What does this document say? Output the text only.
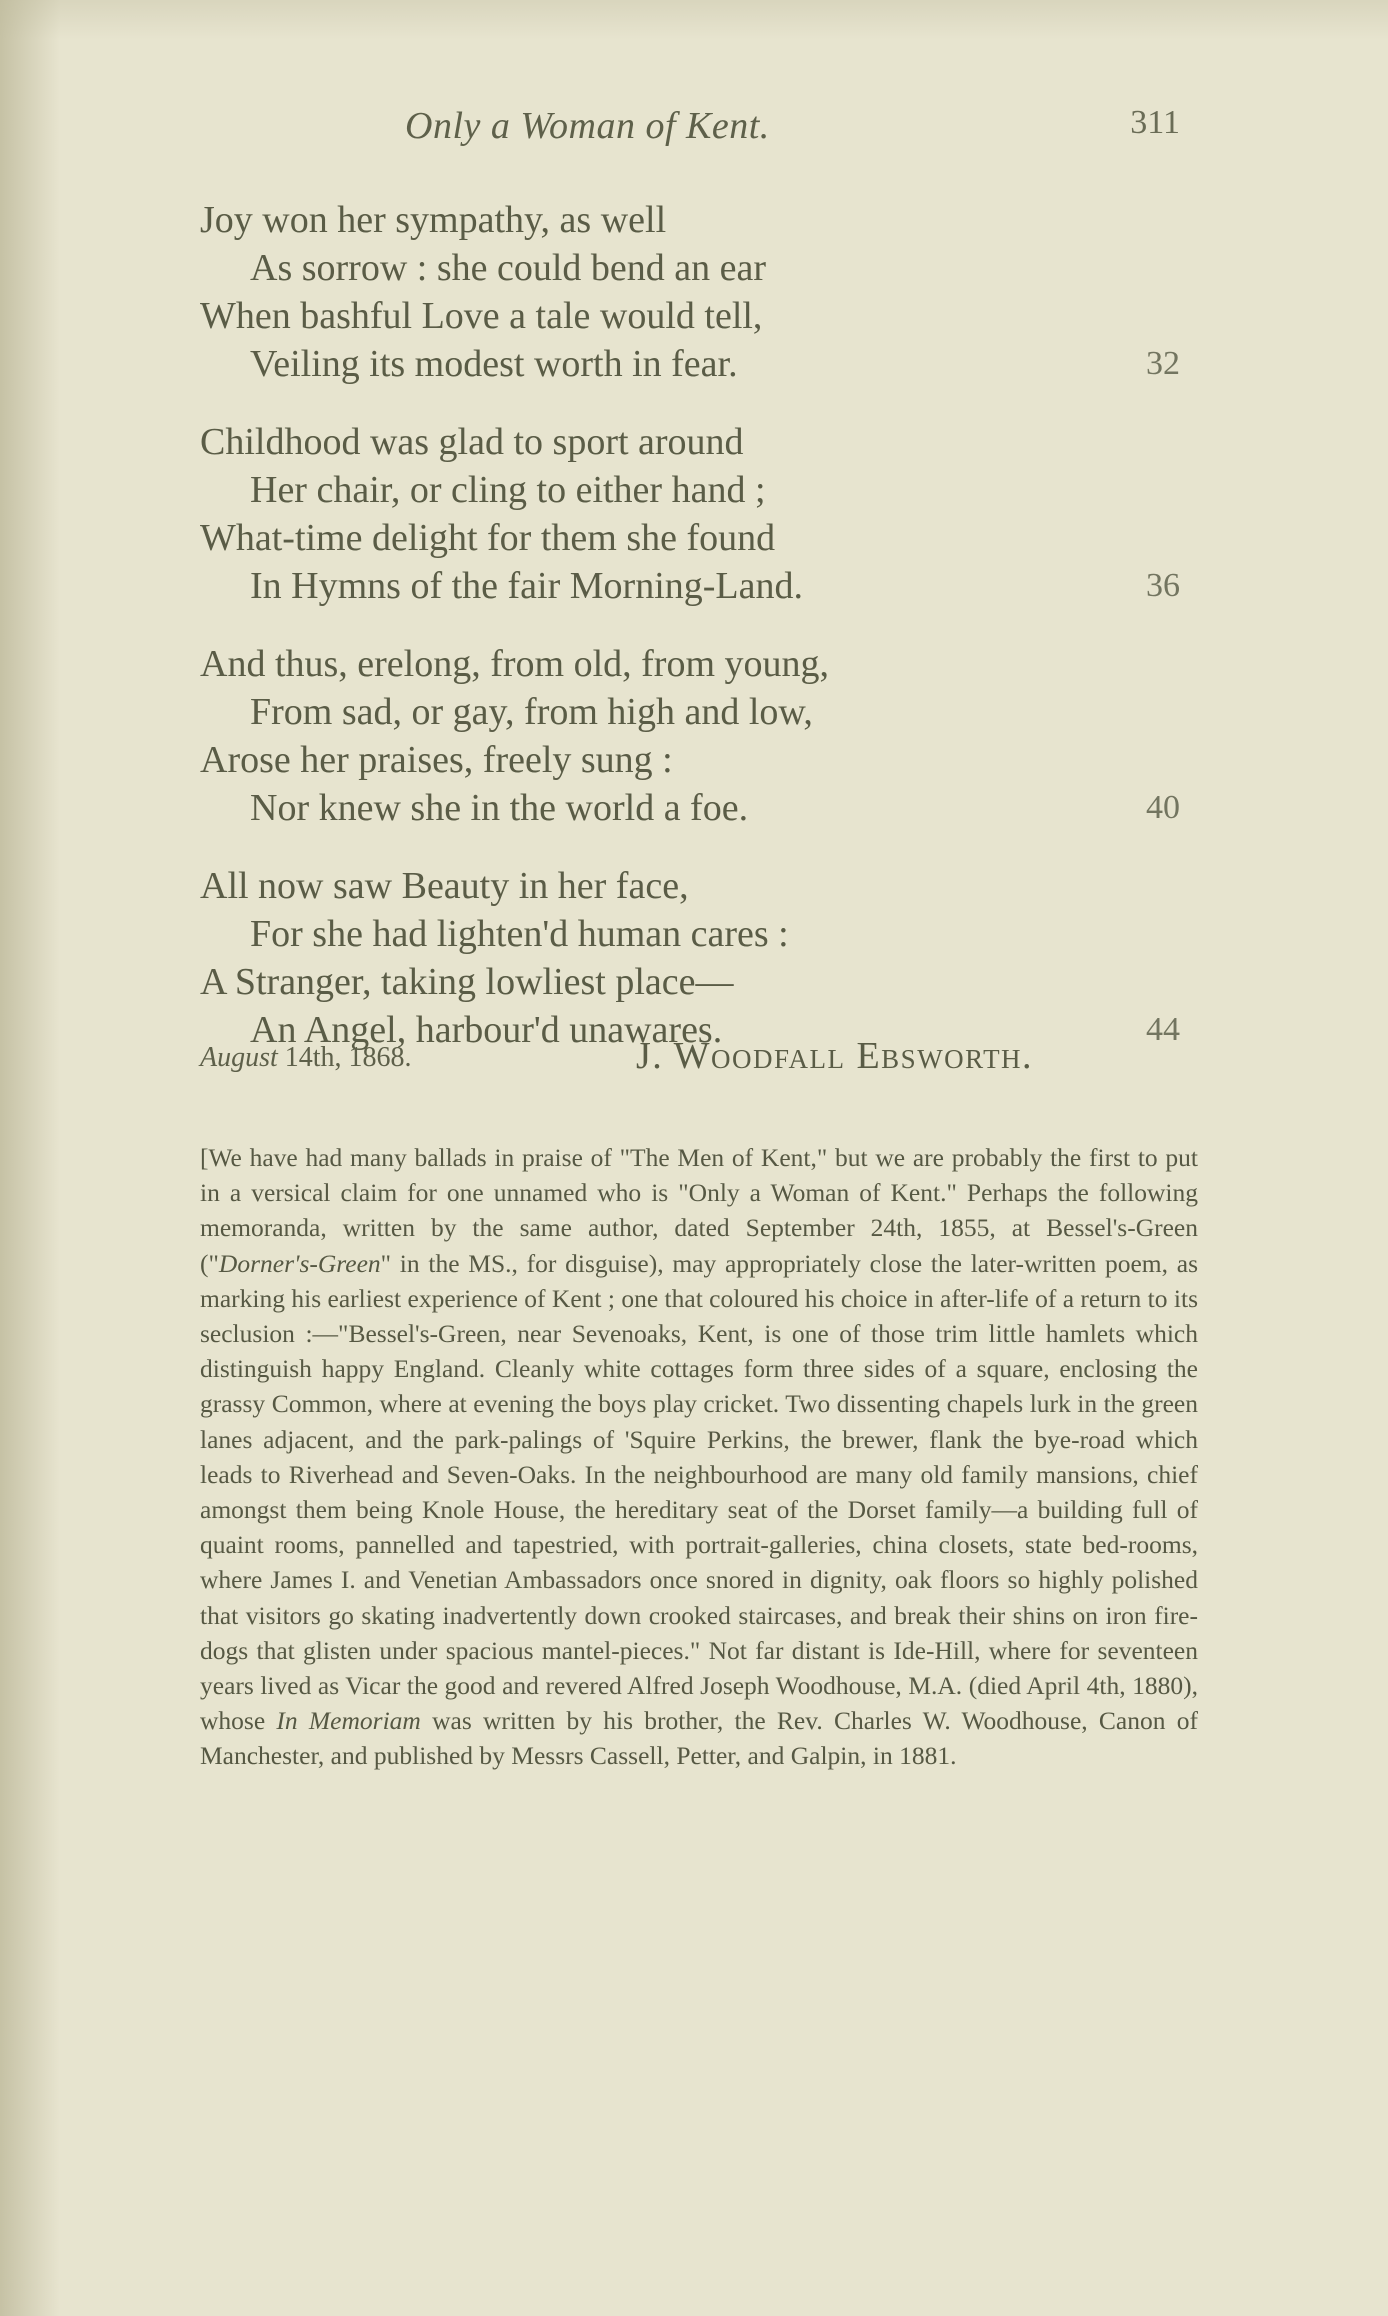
Only a Woman of Kent.	311
Joy won her sympathy, as well
As sorrow : she could bend an ear
When bashful Love a tale would tell,
Veiling its modest worth in fear.	32
Childhood was glad to sport around
Her chair, or cling to either hand ;
What-time delight for them she found
In Hymns of the fair Morning-Land.	36
And thus, erelong, from old, from young,
From sad, or gay, from high and low,
Arose her praises, freely sung :
Nor knew she in the world a foe.	40
All now saw Beauty in her face,
For she had lighten'd human cares :
A Stranger, taking lowliest place—
An Angel, harbour'd unawares.	44
August 14th, 1868.	J. Woodfall Ebsworth.

[We have had many ballads in praise of "The Men of Kent," but we are probably the first to put in a versical claim for one unnamed who is "Only a Woman of Kent." Perhaps the following memoranda, written by the same author, dated September 24th, 1855, at Bessel's-Green ("Dorner's-Green" in the MS., for disguise), may appropriately close the later-written poem, as marking his earliest experience of Kent ; one that coloured his choice in after-life of a return to its seclusion :—"Bessel's-Green, near Sevenoaks, Kent, is one of those trim little hamlets which distinguish happy England. Cleanly white cottages form three sides of a square, enclosing the grassy Common, where at evening the boys play cricket. Two dissenting chapels lurk in the green lanes adjacent, and the park-palings of 'Squire Perkins, the brewer, flank the bye-road which leads to Riverhead and Seven-Oaks. In the neighbourhood are many old family mansions, chief amongst them being Knole House, the hereditary seat of the Dorset family—a building full of quaint rooms, pannelled and tapestried, with portrait-galleries, china closets, state bed-rooms, where James I. and Venetian Ambassadors once snored in dignity, oak floors so highly polished that visitors go skating inadvertently down crooked staircases, and break their shins on iron fire-dogs that glisten under spacious mantel-pieces." Not far distant is Ide-Hill, where for seventeen years lived as Vicar the good and revered Alfred Joseph Woodhouse, M.A. (died April 4th, 1880), whose In Memoriam was written by his brother, the Rev. Charles W. Woodhouse, Canon of Manchester, and published by Messrs Cassell, Petter, and Galpin, in 1881.
